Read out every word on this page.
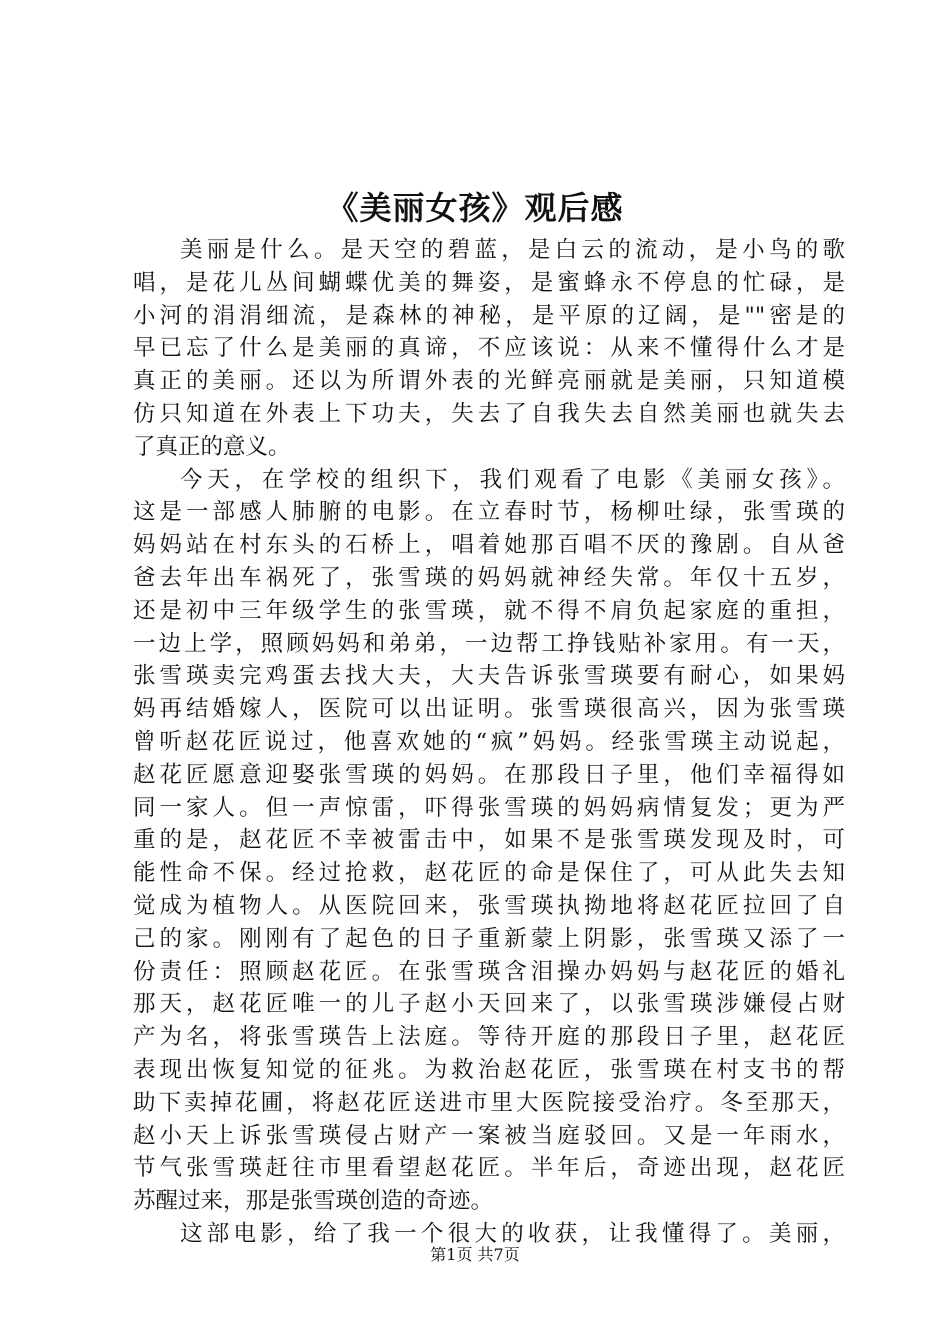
《美丽女孩》观后感
美丽是什么。是天空的碧蓝，是白云的流动，是小鸟的歌
唱，是花儿丛间蝴蝶优美的舞姿，是蜜蜂永不停息的忙碌，是
小河的涓涓细流，是森林的神秘，是平原的辽阔，是""密是的
早已忘了什么是美丽的真谛，不应该说：从来不懂得什么才是
真正的美丽。还以为所谓外表的光鲜亮丽就是美丽，只知道模
仿只知道在外表上下功夫，失去了自我失去自然美丽也就失去
了真正的意义。
今天，在学校的组织下，我们观看了电影《美丽女孩》。
这是一部感人肺腑的电影。在立春时节，杨柳吐绿，张雪瑛的
妈妈站在村东头的石桥上，唱着她那百唱不厌的豫剧。自从爸
爸去年出车祸死了，张雪瑛的妈妈就神经失常。年仅十五岁，
还是初中三年级学生的张雪瑛，就不得不肩负起家庭的重担，
一边上学，照顾妈妈和弟弟，一边帮工挣钱贴补家用。有一天，
张雪瑛卖完鸡蛋去找大夫，大夫告诉张雪瑛要有耐心，如果妈
妈再结婚嫁人，医院可以出证明。张雪瑛很高兴，因为张雪瑛
曾听赵花匠说过，他喜欢她的“疯”妈妈。经张雪瑛主动说起，
赵花匠愿意迎娶张雪瑛的妈妈。在那段日子里，他们幸福得如
同一家人。但一声惊雷，吓得张雪瑛的妈妈病情复发；更为严
重的是，赵花匠不幸被雷击中，如果不是张雪瑛发现及时，可
能性命不保。经过抢救，赵花匠的命是保住了，可从此失去知
觉成为植物人。从医院回来，张雪瑛执拗地将赵花匠拉回了自
己的家。刚刚有了起色的日子重新蒙上阴影，张雪瑛又添了一
份责任：照顾赵花匠。在张雪瑛含泪操办妈妈与赵花匠的婚礼
那天，赵花匠唯一的儿子赵小天回来了，以张雪瑛涉嫌侵占财
产为名，将张雪瑛告上法庭。等待开庭的那段日子里，赵花匠
表现出恢复知觉的征兆。为救治赵花匠，张雪瑛在村支书的帮
助下卖掉花圃，将赵花匠送进市里大医院接受治疗。冬至那天，
赵小天上诉张雪瑛侵占财产一案被当庭驳回。又是一年雨水，
节气张雪瑛赶往市里看望赵花匠。半年后，奇迹出现，赵花匠
苏醒过来，那是张雪瑛创造的奇迹。
这部电影，给了我一个很大的收获，让我懂得了。美丽，
第1页 共7页
